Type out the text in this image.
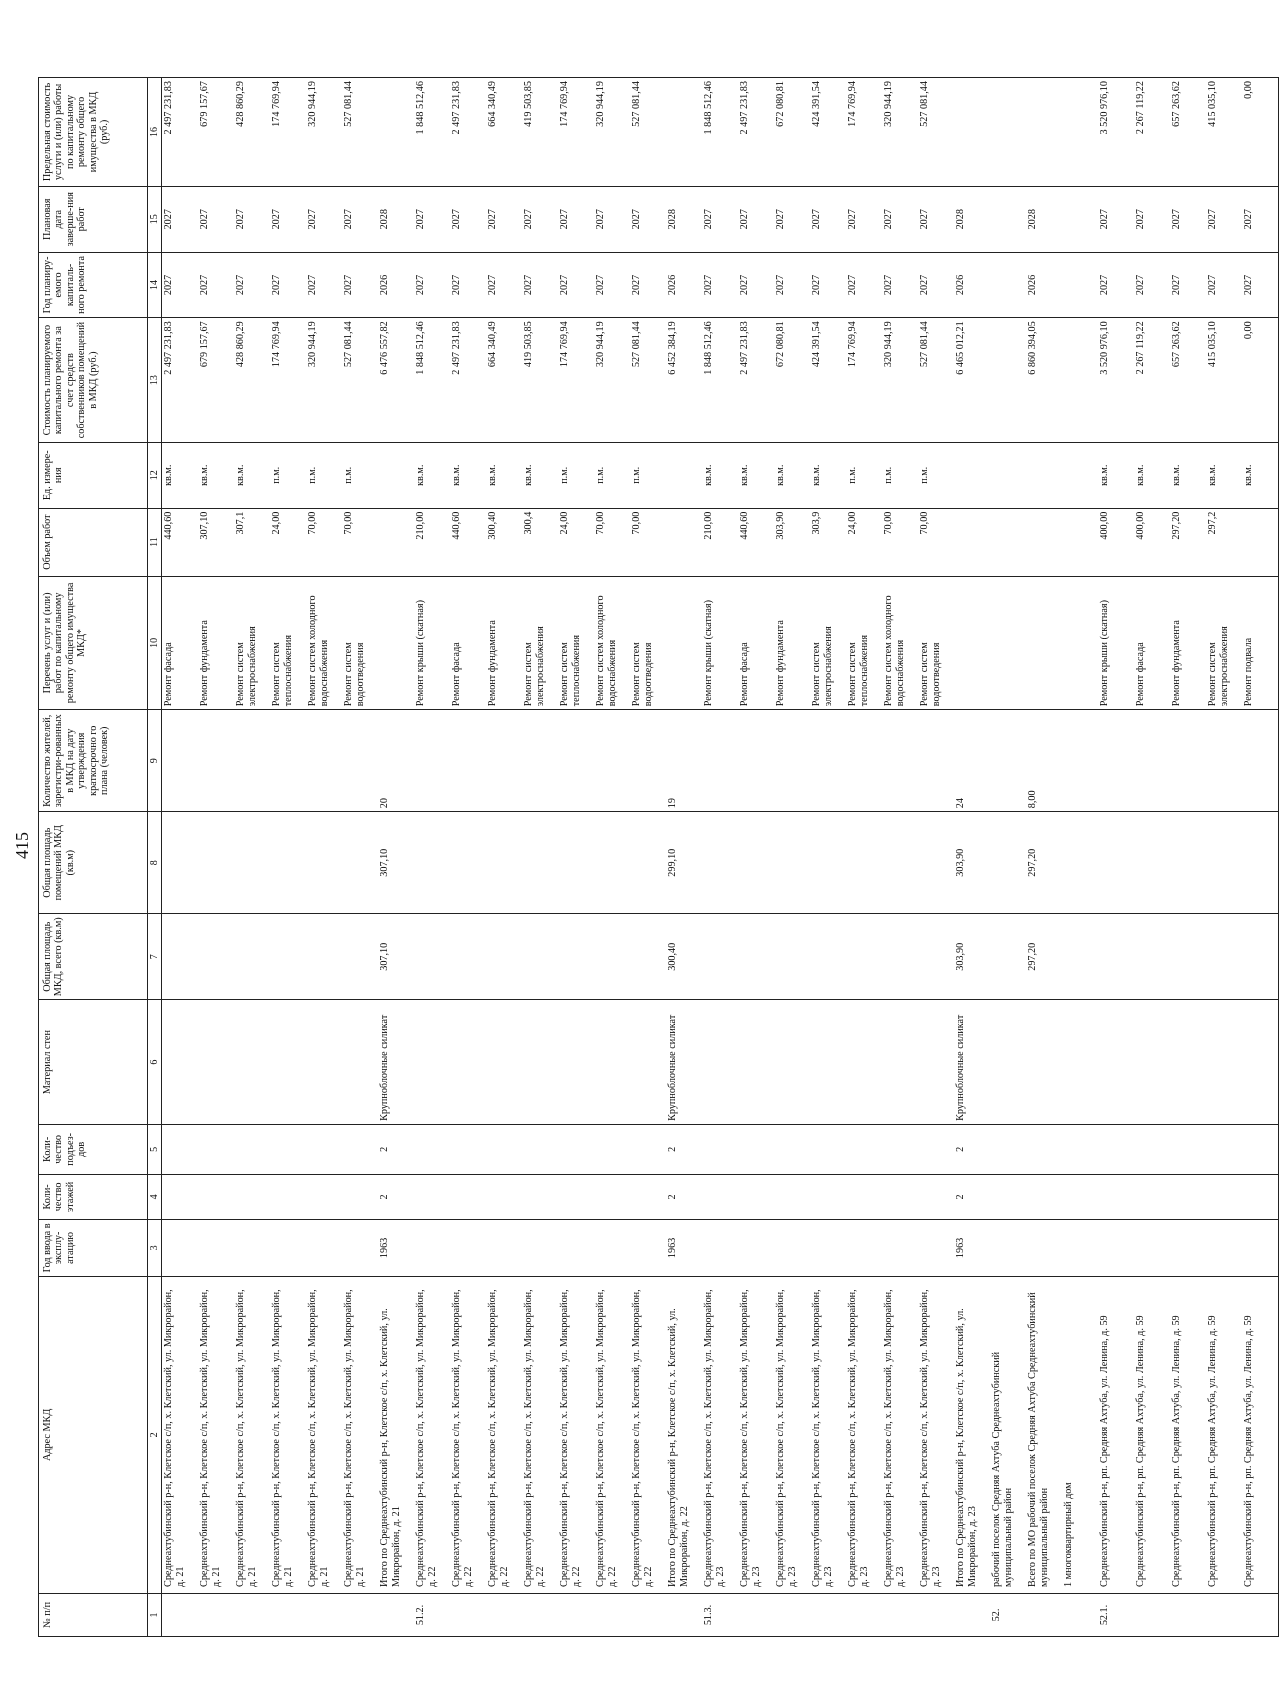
415
№ п/п	Адрес МКД	Год ввода в эксплу-атацию	Коли-чество этажей	Коли-чество подъез-дов	Материал стен	Общая площадь МКД, всего (кв.м)	Общая площадь помещений МКД (кв.м)	Количество жителей, зарегистри-рованных в МКД на дату утверждения краткосрочно го плана (человек)	Перечень услуг и (или) работ по капитальному ремонту общего имущества МКД*	Объем работ	Ед. измере-ния	Стоимость планируемого капитального ремонта за счет средств собственников помещений в МКД (руб.)	Год планиру-емого капиталь-ного ремонта	Плановая дата заверше-ния работ	Предельная стоимость услуги и (или) работы по капитальному ремонту общего имущества в МКД (руб.)
1	2	3	4	5	6	7	8	9	10	11	12	13	14	15	16
	Среднеахтубинский р-н, Клетское с/п, х. Клетский, ул. Микрорайон, д. 21								Ремонт фасада	440,60	кв.м.	2 497 231,83	2027	2027	2 497 231,83
	Среднеахтубинский р-н, Клетское с/п, х. Клетский, ул. Микрорайон, д. 21								Ремонт фундамента	307,10	кв.м.	679 157,67	2027	2027	679 157,67
	Среднеахтубинский р-н, Клетское с/п, х. Клетский, ул. Микрорайон, д. 21								Ремонт систем электроснабжения	307,1	кв.м.	428 860,29	2027	2027	428 860,29
	Среднеахтубинский р-н, Клетское с/п, х. Клетский, ул. Микрорайон, д. 21								Ремонт систем теплоснабжения	24,00	п.м.	174 769,94	2027	2027	174 769,94
	Среднеахтубинский р-н, Клетское с/п, х. Клетский, ул. Микрорайон, д. 21								Ремонт систем холодного водоснабжения	70,00	п.м.	320 944,19	2027	2027	320 944,19
	Среднеахтубинский р-н, Клетское с/п, х. Клетский, ул. Микрорайон, д. 21								Ремонт систем водоотведения	70,00	п.м.	527 081,44	2027	2027	527 081,44
	Итого по Среднеахтубинский р-н, Клетское с/п, х. Клетский, ул. Микрорайон, д. 21	1963	2	2	Крупноблочные силикат	307,10	307,10	20				6 476 557,82	2026	2028	
51.2.	Среднеахтубинский р-н, Клетское с/п, х. Клетский, ул. Микрорайон, д. 22								Ремонт крыши (скатная)	210,00	кв.м.	1 848 512,46	2027	2027	1 848 512,46
	Среднеахтубинский р-н, Клетское с/п, х. Клетский, ул. Микрорайон, д. 22								Ремонт фасада	440,60	кв.м.	2 497 231,83	2027	2027	2 497 231,83
	Среднеахтубинский р-н, Клетское с/п, х. Клетский, ул. Микрорайон, д. 22								Ремонт фундамента	300,40	кв.м.	664 340,49	2027	2027	664 340,49
	Среднеахтубинский р-н, Клетское с/п, х. Клетский, ул. Микрорайон, д. 22								Ремонт систем электроснабжения	300,4	кв.м.	419 503,85	2027	2027	419 503,85
	Среднеахтубинский р-н, Клетское с/п, х. Клетский, ул. Микрорайон, д. 22								Ремонт систем теплоснабжения	24,00	п.м.	174 769,94	2027	2027	174 769,94
	Среднеахтубинский р-н, Клетское с/п, х. Клетский, ул. Микрорайон, д. 22								Ремонт систем холодного водоснабжения	70,00	п.м.	320 944,19	2027	2027	320 944,19
	Среднеахтубинский р-н, Клетское с/п, х. Клетский, ул. Микрорайон, д. 22								Ремонт систем водоотведения	70,00	п.м.	527 081,44	2027	2027	527 081,44
	Итого по Среднеахтубинский р-н, Клетское с/п, х. Клетский, ул. Микрорайон, д. 22	1963	2	2	Крупноблочные силикат	300,40	299,10	19				6 452 384,19	2026	2028	
51.3.	Среднеахтубинский р-н, Клетское с/п, х. Клетский, ул. Микрорайон, д. 23								Ремонт крыши (скатная)	210,00	кв.м.	1 848 512,46	2027	2027	1 848 512,46
	Среднеахтубинский р-н, Клетское с/п, х. Клетский, ул. Микрорайон, д. 23								Ремонт фасада	440,60	кв.м.	2 497 231,83	2027	2027	2 497 231,83
	Среднеахтубинский р-н, Клетское с/п, х. Клетский, ул. Микрорайон, д. 23								Ремонт фундамента	303,90	кв.м.	672 080,81	2027	2027	672 080,81
	Среднеахтубинский р-н, Клетское с/п, х. Клетский, ул. Микрорайон, д. 23								Ремонт систем электроснабжения	303,9	кв.м.	424 391,54	2027	2027	424 391,54
	Среднеахтубинский р-н, Клетское с/п, х. Клетский, ул. Микрорайон, д. 23								Ремонт систем теплоснабжения	24,00	п.м.	174 769,94	2027	2027	174 769,94
	Среднеахтубинский р-н, Клетское с/п, х. Клетский, ул. Микрорайон, д. 23								Ремонт систем холодного водоснабжения	70,00	п.м.	320 944,19	2027	2027	320 944,19
	Среднеахтубинский р-н, Клетское с/п, х. Клетский, ул. Микрорайон, д. 23								Ремонт систем водоотведения	70,00	п.м.	527 081,44	2027	2027	527 081,44
	Итого по Среднеахтубинский р-н, Клетское с/п, х. Клетский, ул. Микрорайон, д. 23	1963	2	2	Крупноблочные силикат	303,90	303,90	24				6 465 012,21	2026	2028	
52.	рабочий поселок Средняя Ахтуба Среднеахтубинский муниципальный район														
	Всего по МО рабочий поселок Средняя Ахтуба Среднеахтубинский муниципальный район					297,20	297,20	8,00				6 860 394,05	2026	2028	
	1 многоквартирный дом														
52.1.	Среднеахтубинский р-н, рп. Средняя Ахтуба, ул. Ленина, д. 59								Ремонт крыши (скатная)	400,00	кв.м.	3 520 976,10	2027	2027	3 520 976,10
	Среднеахтубинский р-н, рп. Средняя Ахтуба, ул. Ленина, д. 59								Ремонт фасада	400,00	кв.м.	2 267 119,22	2027	2027	2 267 119,22
	Среднеахтубинский р-н, рп. Средняя Ахтуба, ул. Ленина, д. 59								Ремонт фундамента	297,20	кв.м.	657 263,62	2027	2027	657 263,62
	Среднеахтубинский р-н, рп. Средняя Ахтуба, ул. Ленина, д. 59								Ремонт систем электроснабжения	297,2	кв.м.	415 035,10	2027	2027	415 035,10
	Среднеахтубинский р-н, рп. Средняя Ахтуба, ул. Ленина, д. 59								Ремонт подвала		кв.м.	0,00	2027	2027	0,00
